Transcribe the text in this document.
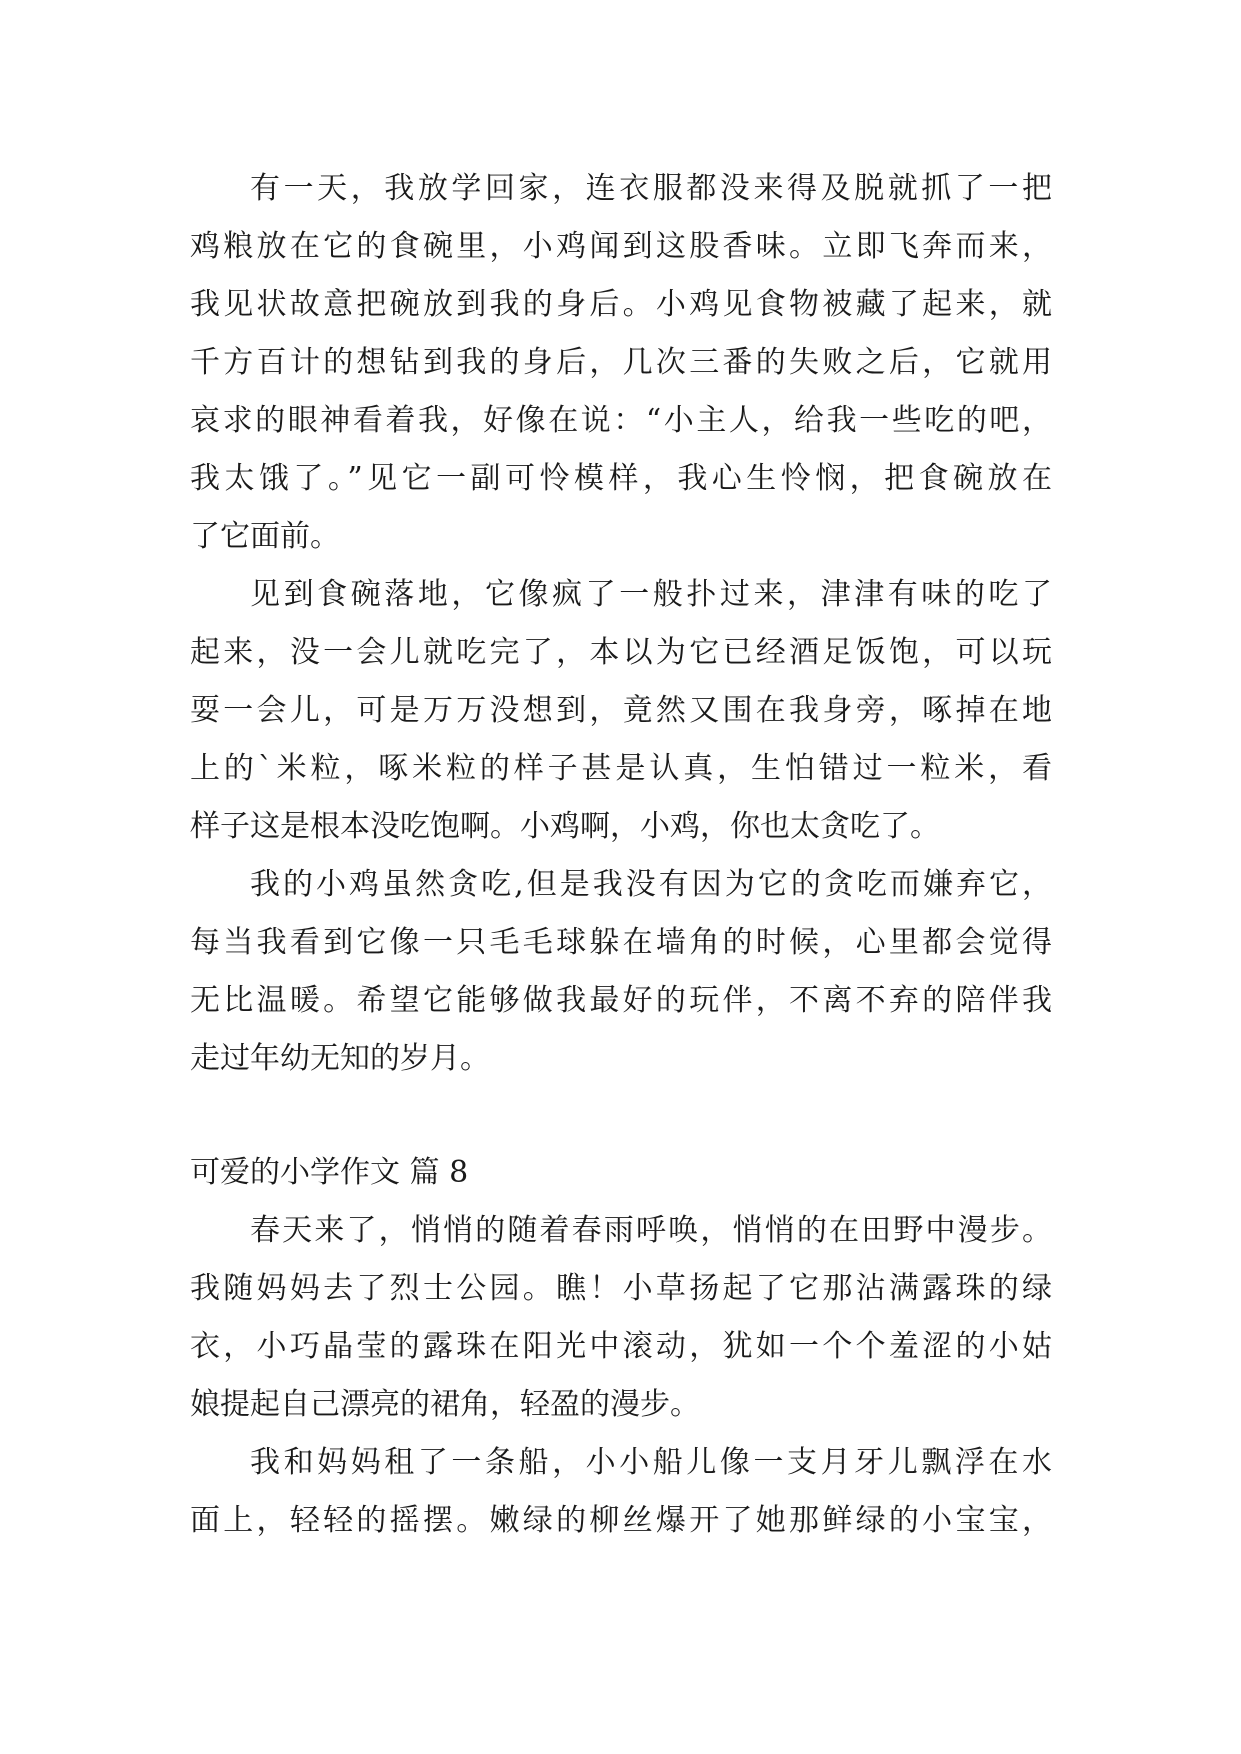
有一天，我放学回家，连衣服都没来得及脱就抓了一把
鸡粮放在它的食碗里，小鸡闻到这股香味。立即飞奔而来，
我见状故意把碗放到我的身后。小鸡见食物被藏了起来，就
千方百计的想钻到我的身后，几次三番的失败之后，它就用
哀求的眼神看着我，好像在说：“小主人，给我一些吃的吧，
我太饿了。”见它一副可怜模样，我心生怜悯，把食碗放在
了它面前。
见到食碗落地，它像疯了一般扑过来，津津有味的吃了
起来，没一会儿就吃完了，本以为它已经酒足饭饱，可以玩
耍一会儿，可是万万没想到，竟然又围在我身旁，啄掉在地
上的`米粒，啄米粒的样子甚是认真，生怕错过一粒米，看
样子这是根本没吃饱啊。小鸡啊，小鸡，你也太贪吃了。
我的小鸡虽然贪吃,但是我没有因为它的贪吃而嫌弃它，
每当我看到它像一只毛毛球躲在墙角的时候，心里都会觉得
无比温暖。希望它能够做我最好的玩伴，不离不弃的陪伴我
走过年幼无知的岁月。
可爱的小学作文 篇 8
春天来了，悄悄的随着春雨呼唤，悄悄的在田野中漫步。
我随妈妈去了烈士公园。瞧！小草扬起了它那沾满露珠的绿
衣，小巧晶莹的露珠在阳光中滚动，犹如一个个羞涩的小姑
娘提起自己漂亮的裙角，轻盈的漫步。
我和妈妈租了一条船，小小船儿像一支月牙儿飘浮在水
面上，轻轻的摇摆。嫩绿的柳丝爆开了她那鲜绿的小宝宝，
